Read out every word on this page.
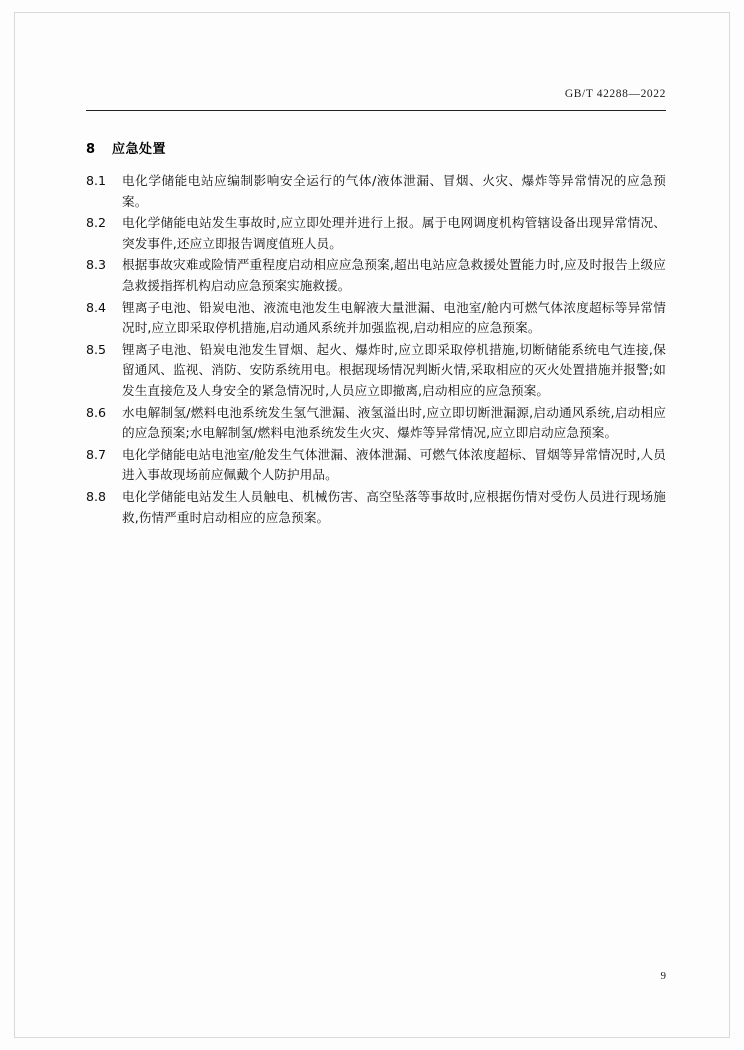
GB/T 42288—2022
8 应急处置
8.1	电化学储能电站应编制影响安全运行的气体/液体泄漏、冒烟、火灾、爆炸等异常情况的应急预案。
8.2	电化学储能电站发生事故时,应立即处理并进行上报。属于电网调度机构管辖设备出现异常情况、突发事件,还应立即报告调度值班人员。
8.3	根据事故灾难或险情严重程度启动相应应急预案,超出电站应急救援处置能力时,应及时报告上级应急救援指挥机构启动应急预案实施救援。
8.4	锂离子电池、铅炭电池、液流电池发生电解液大量泄漏、电池室/舱内可燃气体浓度超标等异常情况时,应立即采取停机措施,启动通风系统并加强监视,启动相应的应急预案。
8.5	锂离子电池、铅炭电池发生冒烟、起火、爆炸时,应立即采取停机措施,切断储能系统电气连接,保留通风、监视、消防、安防系统用电。根据现场情况判断火情,采取相应的灭火处置措施并报警;如发生直接危及人身安全的紧急情况时,人员应立即撤离,启动相应的应急预案。
8.6	水电解制氢/燃料电池系统发生氢气泄漏、液氢溢出时,应立即切断泄漏源,启动通风系统,启动相应的应急预案;水电解制氢/燃料电池系统发生火灾、爆炸等异常情况,应立即启动应急预案。
8.7	电化学储能电站电池室/舱发生气体泄漏、液体泄漏、可燃气体浓度超标、冒烟等异常情况时,人员进入事故现场前应佩戴个人防护用品。
8.8	电化学储能电站发生人员触电、机械伤害、高空坠落等事故时,应根据伤情对受伤人员进行现场施救,伤情严重时启动相应的应急预案。
9
